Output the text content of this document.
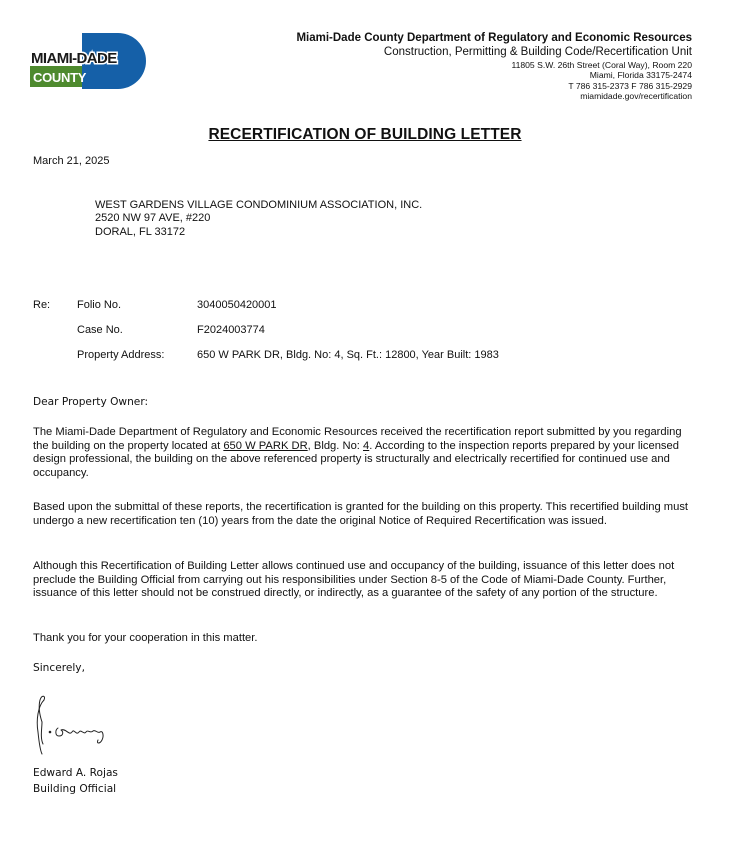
MIAMI-DADE
COUNTY
Miami-Dade County Department of Regulatory and Economic Resources
Construction, Permitting & Building Code/Recertification Unit
11805 S.W. 26th Street (Coral Way), Room 220
Miami, Florida 33175-2474
T 786 315-2373 F 786 315-2929
miamidade.gov/recertification
RECERTIFICATION OF BUILDING LETTER
March 21, 2025
WEST GARDENS VILLAGE CONDOMINIUM ASSOCIATION, INC.
2520 NW 97 AVE, #220
DORAL, FL 33172
Re: Folio No.	3040050420001
Case No.	F2024003774
Property Address:	650 W PARK DR, Bldg. No: 4, Sq. Ft.: 12800, Year Built: 1983
Dear Property Owner:
The Miami-Dade Department of Regulatory and Economic Resources received the recertification report submitted by you regarding the building on the property located at 650 W PARK DR, Bldg. No: 4. According to the inspection reports prepared by your licensed design professional, the building on the above referenced property is structurally and electrically recertified for continued use and occupancy.
Based upon the submittal of these reports, the recertification is granted for the building on this property. This recertified building must undergo a new recertification ten (10) years from the date the original Notice of Required Recertification was issued.
Although this Recertification of Building Letter allows continued use and occupancy of the building, issuance of this letter does not preclude the Building Official from carrying out his responsibilities under Section 8-5 of the Code of Miami-Dade County. Further, issuance of this letter should not be construed directly, or indirectly, as a guarantee of the safety of any portion of the structure.
Thank you for your cooperation in this matter.
Sincerely,
Edward A. Rojas
Building Official
